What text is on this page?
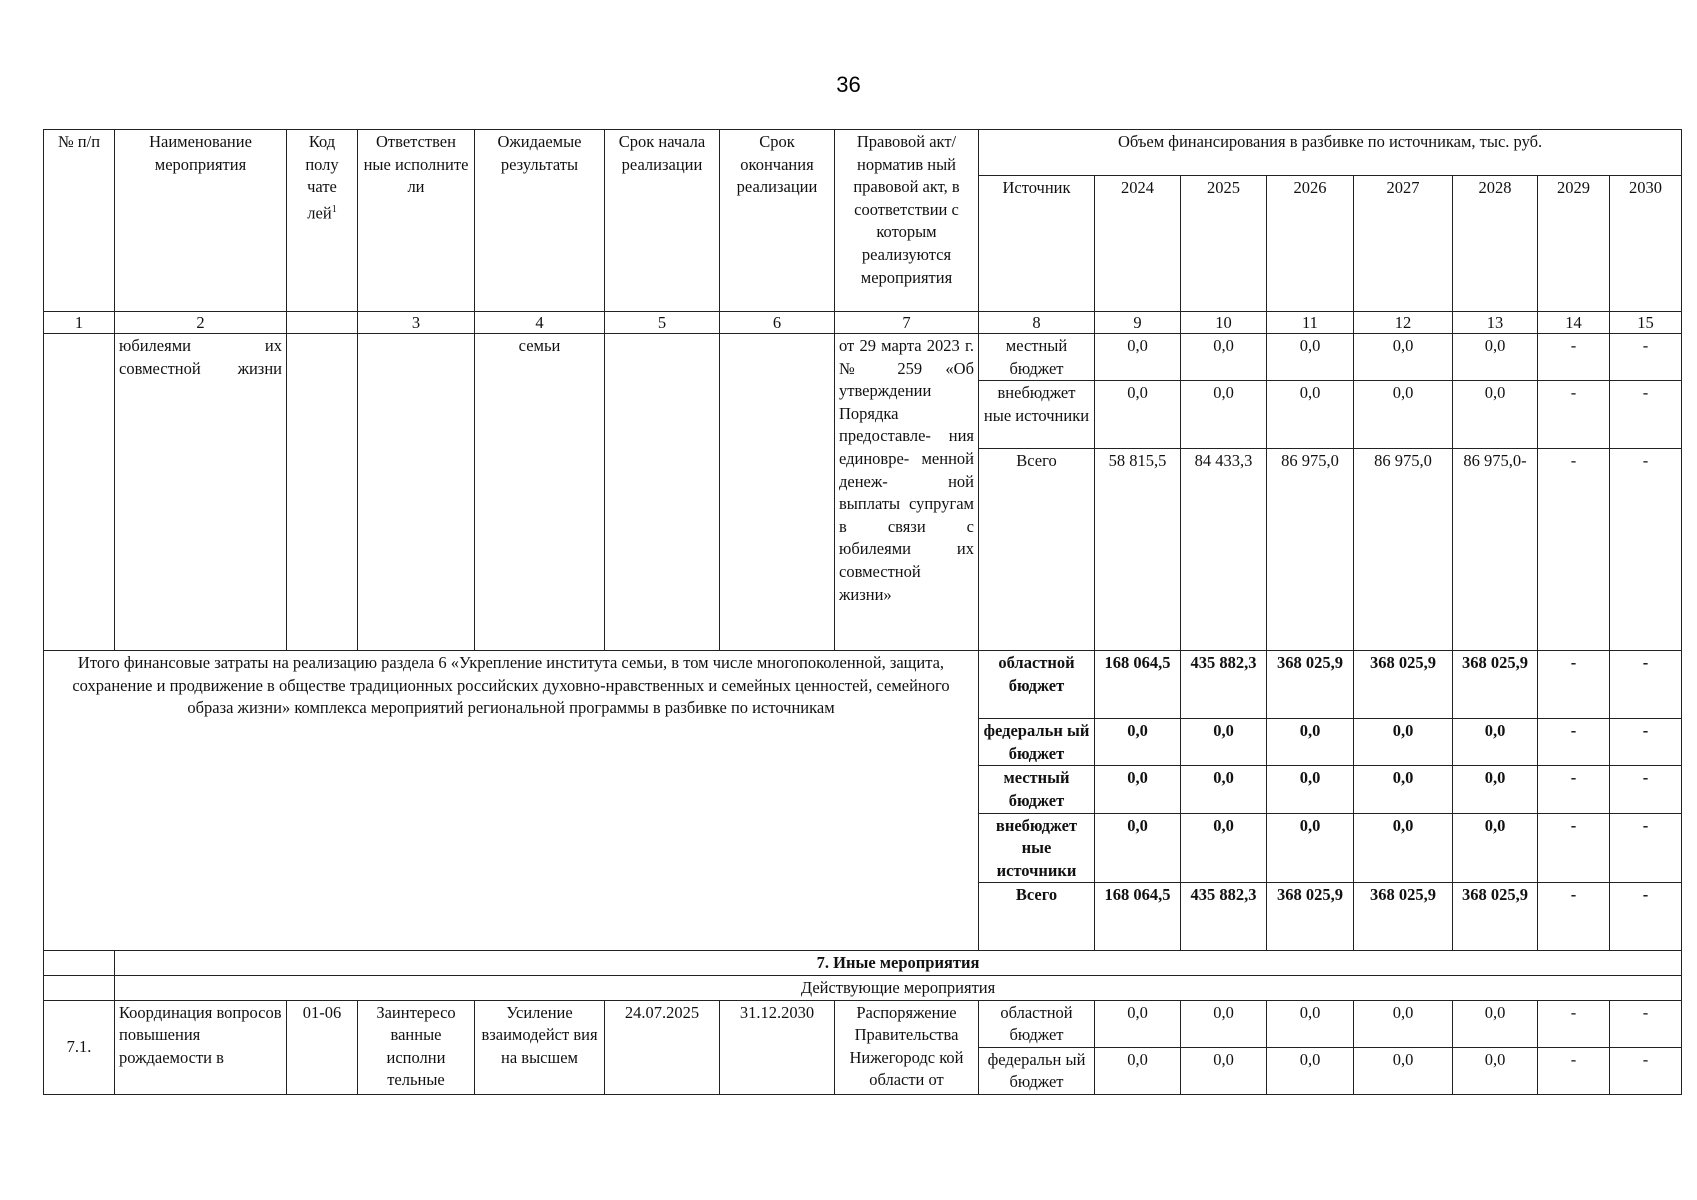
36
№ п/п	Наименование мероприятия	Код полу чате лей$^1$	Ответствен ные исполните ли	Ожидаемые результаты	Срок начала реализации	Срок окончания реализации	Правовой акт/норматив ный правовой акт, в соответствии с которым реализуются мероприятия	Объем финансирования в разбивке по источникам, тыс. руб.							
								Источник	2024	2025	2026	2027	2028	2029	2030
1	2		3	4	5	6	7	8	9	10	11	12	13	14	15
	юбилеями их совместной жизни			семьи			от 29 марта 2023 г. № 259 «Об утверждении Порядка предоставле- ния единовре- менной денеж- ной выплаты супругам в связи с юбилеями их совместной жизни»	местный бюджет	0,0	0,0	0,0	0,0	0,0	-	-
								внебюджет ные источники	0,0	0,0	0,0	0,0	0,0	-	-
								Всего	58 815,5	84 433,3	86 975,0	86 975,0	86 975,0-	-	-
Итого финансовые затраты на реализацию раздела 6 «Укрепление института семьи, в том числе многопоколенной, защита, сохранение и продвижение в обществе традиционных российских духовно-нравственных и семейных ценностей, семейного образа жизни» комплекса мероприятий региональной программы в разбивке по источникам								областной бюджет	168 064,5	435 882,3	368 025,9	368 025,9	368 025,9	-	-
								федеральн ый бюджет	0,0	0,0	0,0	0,0	0,0	-	-
								местный бюджет	0,0	0,0	0,0	0,0	0,0	-	-
								внебюджет ные источники	0,0	0,0	0,0	0,0	0,0	-	-
								Всего	168 064,5	435 882,3	368 025,9	368 025,9	368 025,9	-	-
	7. Иные мероприятия														
	Действующие мероприятия														
7.1.	Координация вопросов повышения рождаемости в	01-06	Заинтересо ванные исполни тельные	Усиление взаимодейст вия на высшем	24.07.2025	31.12.2030	Распоряжение Правительства Нижегородс кой области от	областной бюджет	0,0	0,0	0,0	0,0	0,0	-	-
								федеральн ый бюджет	0,0	0,0	0,0	0,0	0,0	-	-
